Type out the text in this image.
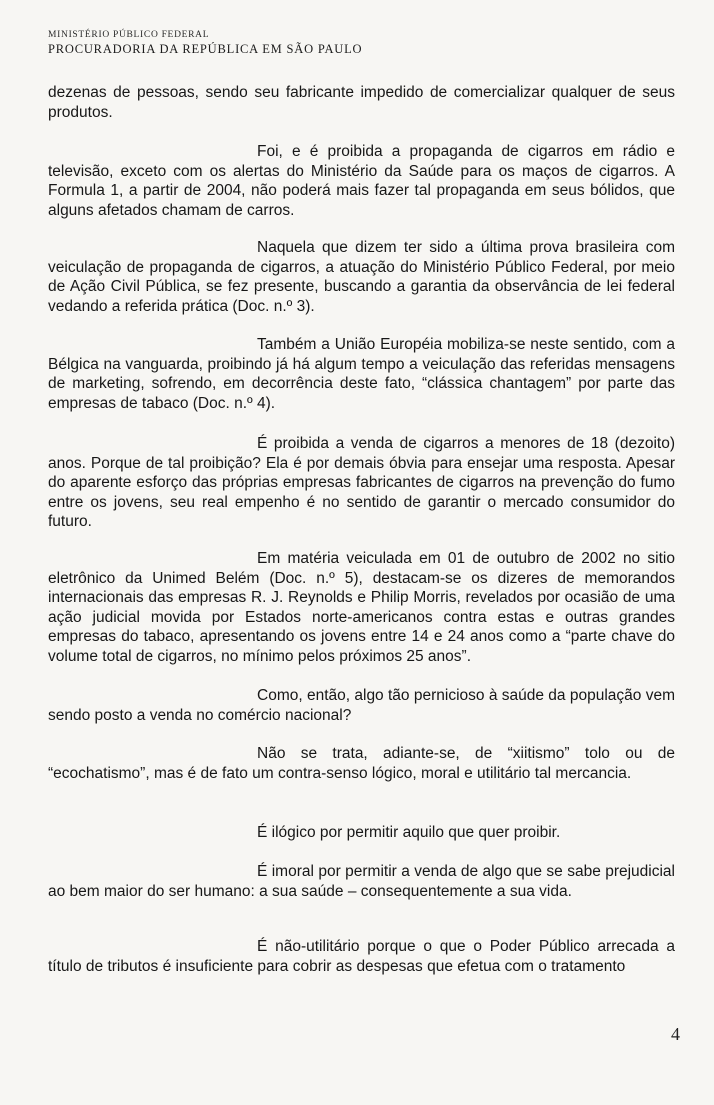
MINISTÉRIO PÚBLICO FEDERAL
PROCURADORIA DA REPÚBLICA EM SÃO PAULO

dezenas de pessoas, sendo seu fabricante impedido de comercializar qualquer de seus produtos.

Foi, e é proibida a propaganda de cigarros em rádio e televisão, exceto com os alertas do Ministério da Saúde para os maços de cigarros. A Formula 1, a partir de 2004, não poderá mais fazer tal propaganda em seus bólidos, que alguns afetados chamam de carros.

Naquela que dizem ter sido a última prova brasileira com veiculação de propaganda de cigarros, a atuação do Ministério Público Federal, por meio de Ação Civil Pública, se fez presente, buscando a garantia da observância de lei federal vedando a referida prática (Doc. n.º 3).

Também a União Européia mobiliza-se neste sentido, com a Bélgica na vanguarda, proibindo já há algum tempo a veiculação das referidas mensagens de marketing, sofrendo, em decorrência deste fato, “clássica chantagem” por parte das empresas de tabaco (Doc. n.º 4).

É proibida a venda de cigarros a menores de 18 (dezoito) anos. Porque de tal proibição? Ela é por demais óbvia para ensejar uma resposta. Apesar do aparente esforço das próprias empresas fabricantes de cigarros na prevenção do fumo entre os jovens, seu real empenho é no sentido de garantir o mercado consumidor do futuro.

Em matéria veiculada em 01 de outubro de 2002 no sitio eletrônico da Unimed Belém (Doc. n.º 5), destacam-se os dizeres de memorandos internacionais das empresas R. J. Reynolds e Philip Morris, revelados por ocasião de uma ação judicial movida por Estados norte-americanos contra estas e outras grandes empresas do tabaco, apresentando os jovens entre 14 e 24 anos como a “parte chave do volume total de cigarros, no mínimo pelos próximos 25 anos”.

Como, então, algo tão pernicioso à saúde da população vem sendo posto a venda no comércio nacional?

Não se trata, adiante-se, de “xiitismo” tolo ou de “ecochatismo”, mas é de fato um contra-senso lógico, moral e utilitário tal mercancia.

É ilógico por permitir aquilo que quer proibir.

É imoral por permitir a venda de algo que se sabe prejudicial ao bem maior do ser humano: a sua saúde – consequentemente a sua vida.

É não-utilitário porque o que o Poder Público arrecada a título de tributos é insuficiente para cobrir as despesas que efetua com o tratamento

4
